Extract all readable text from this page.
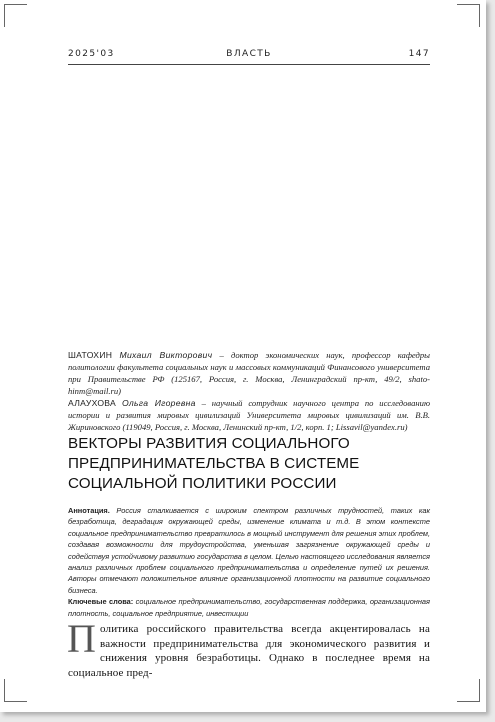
2025'03	ВЛАСТЬ	147

ШАТОХИН Михаил Викторович – доктор экономических наук, профессор кафедры политологии факультета социальных наук и массовых коммуникаций Финансового университета при Правительстве РФ (125167, Россия, г. Москва, Ленинградский пр-кт, 49/2, shato-hinm@mail.ru)

АЛАУХОВА Ольга Игоревна – научный сотрудник научного центра по исследованию истории и развития мировых цивилизаций Университета мировых цивилизаций им. В.В. Жириновского (119049, Россия, г. Москва, Ленинский пр-кт, 1/2, корп. 1; Lissavil@yandex.ru)

ВЕКТОРЫ РАЗВИТИЯ СОЦИАЛЬНОГО
ПРЕДПРИНИМАТЕЛЬСТВА В СИСТЕМЕ
СОЦИАЛЬНОЙ ПОЛИТИКИ РОССИИ

Аннотация. Россия сталкивается с широким спектром различных трудностей, таких как безработица, деградация окружающей среды, изменение климата и т.д. В этом контексте социальное предпринимательство превратилось в мощный инструмент для решения этих проблем, создавая возможности для трудоустройства, уменьшая загрязнение окружающей среды и содействуя устойчивому развитию государства в целом. Целью настоящего исследования является анализ различных проблем социального предпринимательства и определение путей их решения. Авторы отмечают положительное влияние организационной плотности на развитие социального бизнеса.

Ключевые слова: социальное предпринимательство, государственная поддержка, организационная плотность, социальное предприятие, инвестиции

Политика российского правительства всегда акцентировалась на важности предпринимательства для экономического развития и снижения уровня безработицы. Однако в последнее время на социальное пред-
